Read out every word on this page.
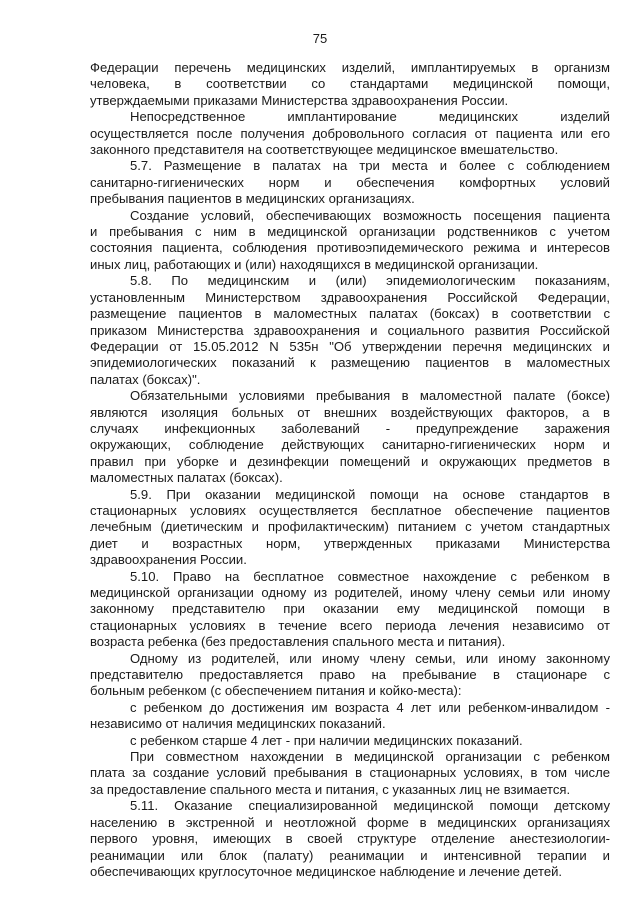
75

Федерации перечень медицинских изделий, имплантируемых в организм

человека, в соответствии со стандартами медицинской помощи,

утверждаемыми приказами Министерства здравоохранения России.

Непосредственное имплантирование медицинских изделий

осуществляется после получения добровольного согласия от пациента или его

законного представителя на соответствующее медицинское вмешательство.

5.7. Размещение в палатах на три места и более с соблюдением

санитарно-гигиенических норм и обеспечения комфортных условий

пребывания пациентов в медицинских организациях.

Создание условий, обеспечивающих возможность посещения пациента

и пребывания с ним в медицинской организации родственников с учетом

состояния пациента, соблюдения противоэпидемического режима и интересов

иных лиц, работающих и (или) находящихся в медицинской организации.

5.8. По медицинским и (или) эпидемиологическим показаниям,

установленным Министерством здравоохранения Российской Федерации,

размещение пациентов в маломестных палатах (боксах) в соответствии с

приказом Министерства здравоохранения и социального развития Российской

Федерации от 15.05.2012 N 535н "Об утверждении перечня медицинских и

эпидемиологических показаний к размещению пациентов в маломестных

палатах (боксах)".

Обязательными условиями пребывания в маломестной палате (боксе)

являются изоляция больных от внешних воздействующих факторов, а в

случаях инфекционных заболеваний - предупреждение заражения

окружающих, соблюдение действующих санитарно-гигиенических норм и

правил при уборке и дезинфекции помещений и окружающих предметов в

маломестных палатах (боксах).

5.9. При оказании медицинской помощи на основе стандартов в

стационарных условиях осуществляется бесплатное обеспечение пациентов

лечебным (диетическим и профилактическим) питанием с учетом стандартных

диет и возрастных норм, утвержденных приказами Министерства

здравоохранения России.

5.10. Право на бесплатное совместное нахождение с ребенком в

медицинской организации одному из родителей, иному члену семьи или иному

законному представителю при оказании ему медицинской помощи в

стационарных условиях в течение всего периода лечения независимо от

возраста ребенка (без предоставления спального места и питания).

Одному из родителей, или иному члену семьи, или иному законному

представителю предоставляется право на пребывание в стационаре с

больным ребенком (с обеспечением питания и койко-места):

с ребенком до достижения им возраста 4 лет или ребенком-инвалидом -

независимо от наличия медицинских показаний.

с ребенком старше 4 лет - при наличии медицинских показаний.

При совместном нахождении в медицинской организации с ребенком

плата за создание условий пребывания в стационарных условиях, в том числе

за предоставление спального места и питания, с указанных лиц не взимается.

5.11. Оказание специализированной медицинской помощи детскому

населению в экстренной и неотложной форме в медицинских организациях

первого уровня, имеющих в своей структуре отделение анестезиологии-

реанимации или блок (палату) реанимации и интенсивной терапии и

обеспечивающих круглосуточное медицинское наблюдение и лечение детей.
